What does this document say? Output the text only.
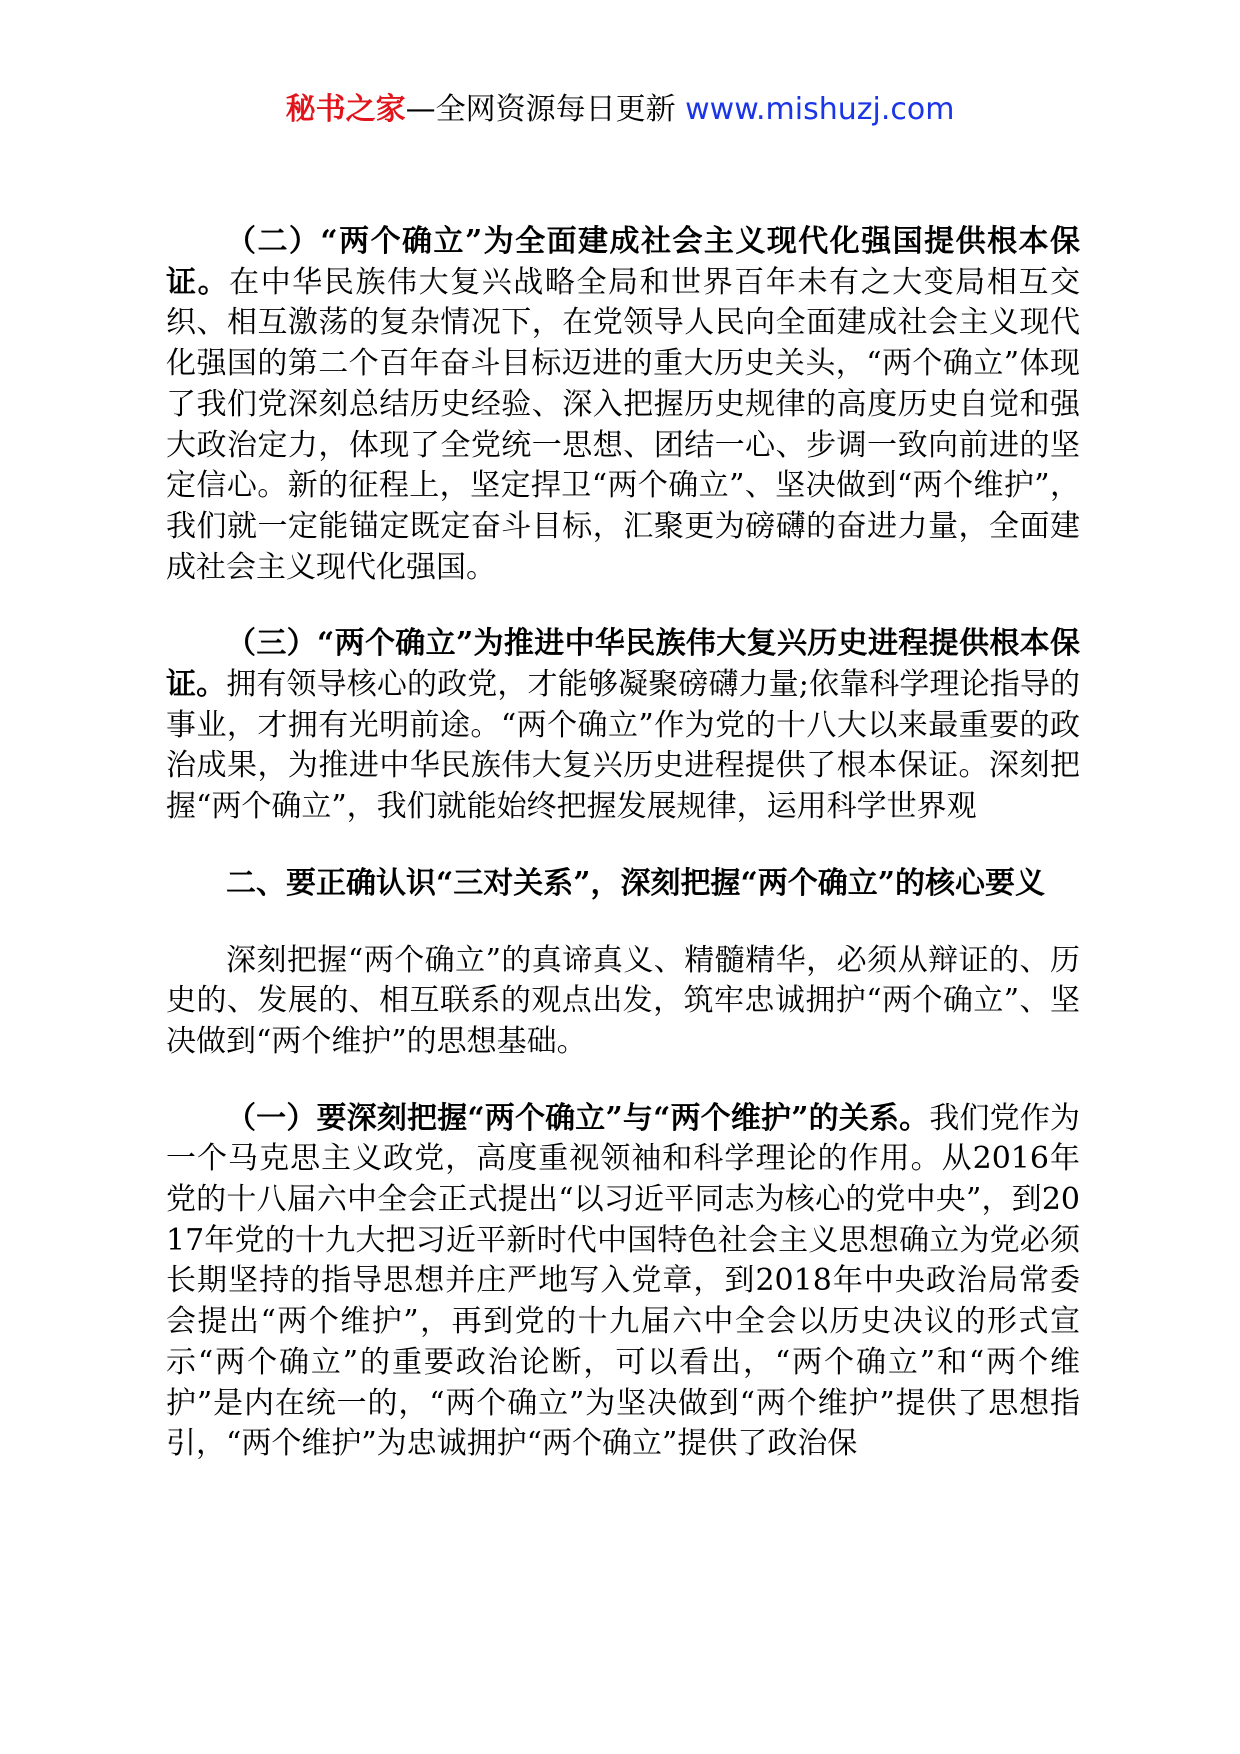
秘书之家—全网资源每日更新 www.mishuzj.com

（二）“两个确立”为全面建成社会主义现代化强国提供根本保证。在中华民族伟大复兴战略全局和世界百年未有之大变局相互交织、相互激荡的复杂情况下，在党领导人民向全面建成社会主义现代化强国的第二个百年奋斗目标迈进的重大历史关头，“两个确立”体现了我们党深刻总结历史经验、深入把握历史规律的高度历史自觉和强大政治定力，体现了全党统一思想、团结一心、步调一致向前进的坚定信心。新的征程上，坚定捍卫“两个确立”、坚决做到“两个维护”，我们就一定能锚定既定奋斗目标，汇聚更为磅礴的奋进力量，全面建成社会主义现代化强国。

（三）“两个确立”为推进中华民族伟大复兴历史进程提供根本保证。拥有领导核心的政党，才能够凝聚磅礴力量;依靠科学理论指导的事业，才拥有光明前途。“两个确立”作为党的十八大以来最重要的政治成果，为推进中华民族伟大复兴历史进程提供了根本保证。深刻把握“两个确立”，我们就能始终把握发展规律，运用科学世界观

二、要正确认识“三对关系”，深刻把握“两个确立”的核心要义

深刻把握“两个确立”的真谛真义、精髓精华，必须从辩证的、历史的、发展的、相互联系的观点出发，筑牢忠诚拥护“两个确立”、坚决做到“两个维护”的思想基础。

（一）要深刻把握“两个确立”与“两个维护”的关系。我们党作为一个马克思主义政党，高度重视领袖和科学理论的作用。从2016年党的十八届六中全会正式提出“以习近平同志为核心的党中央”，到2017年党的十九大把习近平新时代中国特色社会主义思想确立为党必须长期坚持的指导思想并庄严地写入党章，到2018年中央政治局常委会提出“两个维护”，再到党的十九届六中全会以历史决议的形式宣示“两个确立”的重要政治论断，可以看出，“两个确立”和“两个维护”是内在统一的，“两个确立”为坚决做到“两个维护”提供了思想指引，“两个维护”为忠诚拥护“两个确立”提供了政治保
